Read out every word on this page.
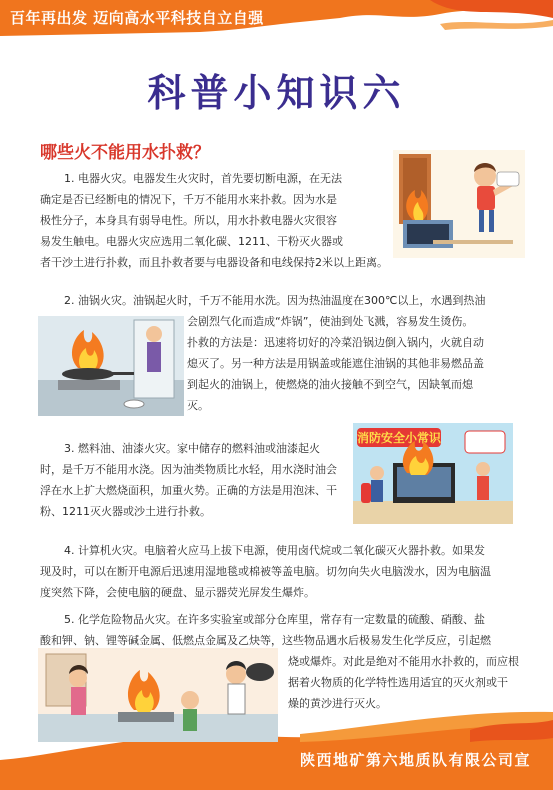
百年再出发 迈向高水平科技自立自强
科普小知识六
哪些火不能用水扑救？

1. 电器火灾。电器发生火灾时，首先要切断电源，在无法

确定是否已经断电的情况下，千万不能用水来扑救。因为水是

极性分子，本身具有弱导电性。所以，用水扑救电器火灾很容

易发生触电。电器火灾应选用二氧化碳、1211、干粉灭火器或

者干沙土进行扑救，而且扑救者要与电器设备和电线保持2米以上距离。

2. 油锅火灾。油锅起火时，千万不能用水洗。因为热油温度在300℃以上，水遇到热油

会剧烈气化而造成“炸锅”，使油到处飞溅，容易发生烫伤。

扑救的方法是：迅速将切好的冷菜沿锅边倒入锅内，火就自动

熄灭了。另一种方法是用锅盖或能遮住油锅的其他非易燃品盖

到起火的油锅上，使燃烧的油火接触不到空气，因缺氧而熄

灭。

3. 燃料油、油漆火灾。家中储存的燃料油或油漆起火

时，是千万不能用水浇。因为油类物质比水轻，用水浇时油会

浮在水上扩大燃烧面积，加重火势。正确的方法是用泡沫、干

粉、1211灭火器或沙土进行扑救。

消防安全小常识

4. 计算机火灾。电脑着火应马上拔下电源，使用卤代烷或二氧化碳灭火器扑救。如果发

现及时，可以在断开电源后迅速用湿地毯或棉被等盖电脑。切勿向失火电脑泼水，因为电脑温

度突然下降，会使电脑的硬盘、显示器荧光屏发生爆炸。

5. 化学危险物品火灾。在许多实验室或部分仓库里，常存有一定数量的硫酸、硝酸、盐

酸和钾、钠、锂等碱金属、低燃点金属及乙炔等，这些物品遇水后极易发生化学反应，引起燃

烧或爆炸。对此是绝对不能用水扑救的，而应根

据着火物质的化学特性选用适宜的灭火剂或干

燥的黄沙进行灭火。

陕西地矿第六地质队有限公司宣
